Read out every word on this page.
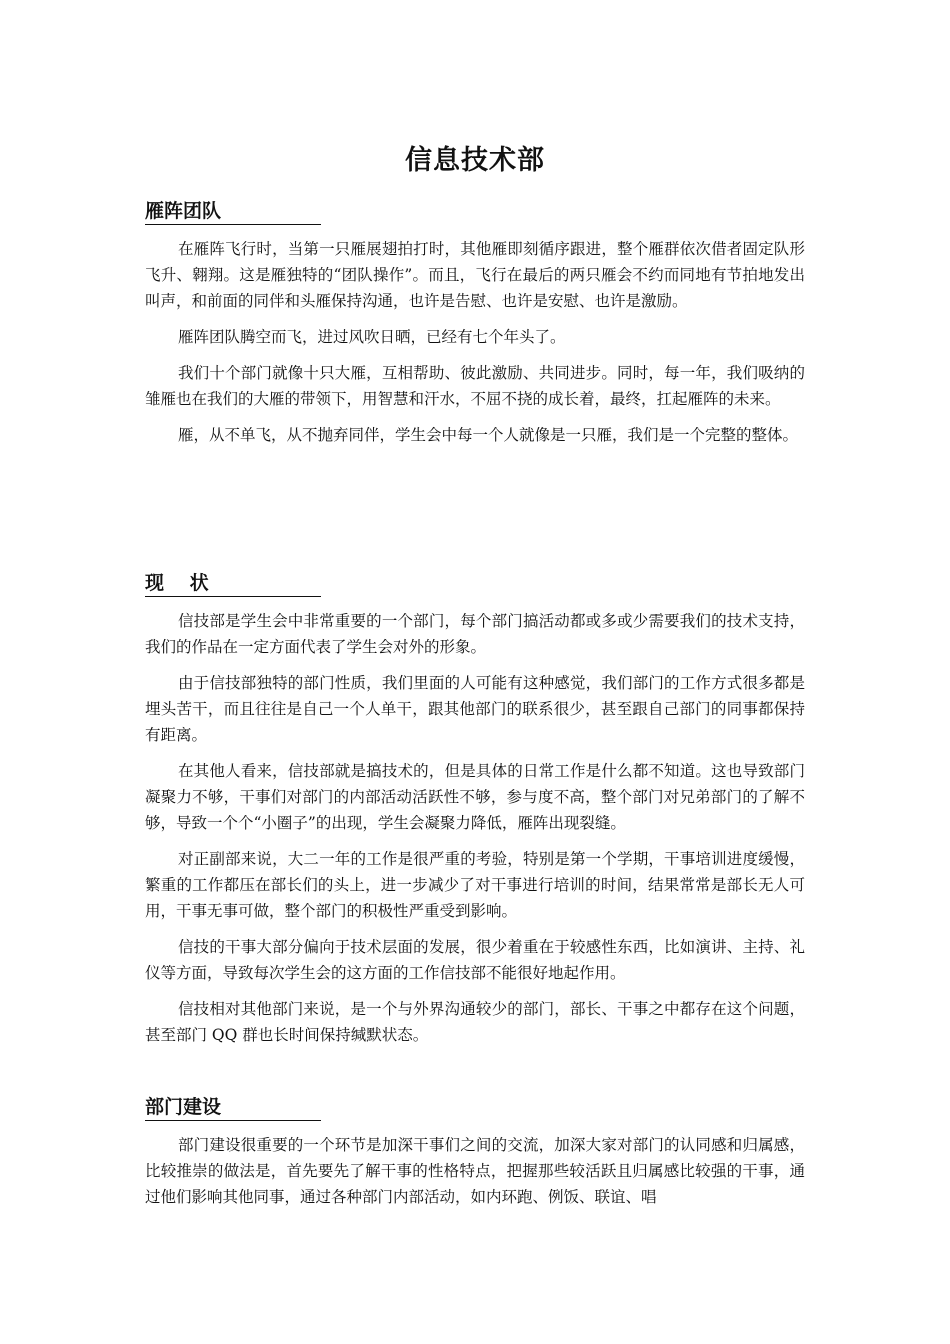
信息技术部
雁阵团队

在雁阵飞行时，当第一只雁展翅拍打时，其他雁即刻循序跟进，整个雁群依次借者固定队形飞升、翱翔。这是雁独特的“团队操作”。而且，飞行在最后的两只雁会不约而同地有节拍地发出叫声，和前面的同伴和头雁保持沟通，也许是告慰、也许是安慰、也许是激励。

雁阵团队腾空而飞，进过风吹日晒，已经有七个年头了。

我们十个部门就像十只大雁，互相帮助、彼此激励、共同进步。同时，每一年，我们吸纳的雏雁也在我们的大雁的带领下，用智慧和汗水，不屈不挠的成长着，最终，扛起雁阵的未来。

雁，从不单飞，从不抛弃同伴，学生会中每一个人就像是一只雁，我们是一个完整的整体。

现　 状

信技部是学生会中非常重要的一个部门，每个部门搞活动都或多或少需要我们的技术支持，我们的作品在一定方面代表了学生会对外的形象。

由于信技部独特的部门性质，我们里面的人可能有这种感觉，我们部门的工作方式很多都是埋头苦干，而且往往是自己一个人单干，跟其他部门的联系很少，甚至跟自己部门的同事都保持有距离。

在其他人看来，信技部就是搞技术的，但是具体的日常工作是什么都不知道。这也导致部门凝聚力不够，干事们对部门的内部活动活跃性不够，参与度不高，整个部门对兄弟部门的了解不够，导致一个个“小圈子”的出现，学生会凝聚力降低，雁阵出现裂缝。

对正副部来说，大二一年的工作是很严重的考验，特别是第一个学期，干事培训进度缓慢，繁重的工作都压在部长们的头上，进一步减少了对干事进行培训的时间，结果常常是部长无人可用，干事无事可做，整个部门的积极性严重受到影响。

信技的干事大部分偏向于技术层面的发展，很少着重在于较感性东西，比如演讲、主持、礼仪等方面，导致每次学生会的这方面的工作信技部不能很好地起作用。

信技相对其他部门来说，是一个与外界沟通较少的部门，部长、干事之中都存在这个问题，甚至部门 QQ 群也长时间保持缄默状态。

部门建设

部门建设很重要的一个环节是加深干事们之间的交流，加深大家对部门的认同感和归属感，比较推崇的做法是，首先要先了解干事的性格特点，把握那些较活跃且归属感比较强的干事，通过他们影响其他同事，通过各种部门内部活动，如内环跑、例饭、联谊、唱
